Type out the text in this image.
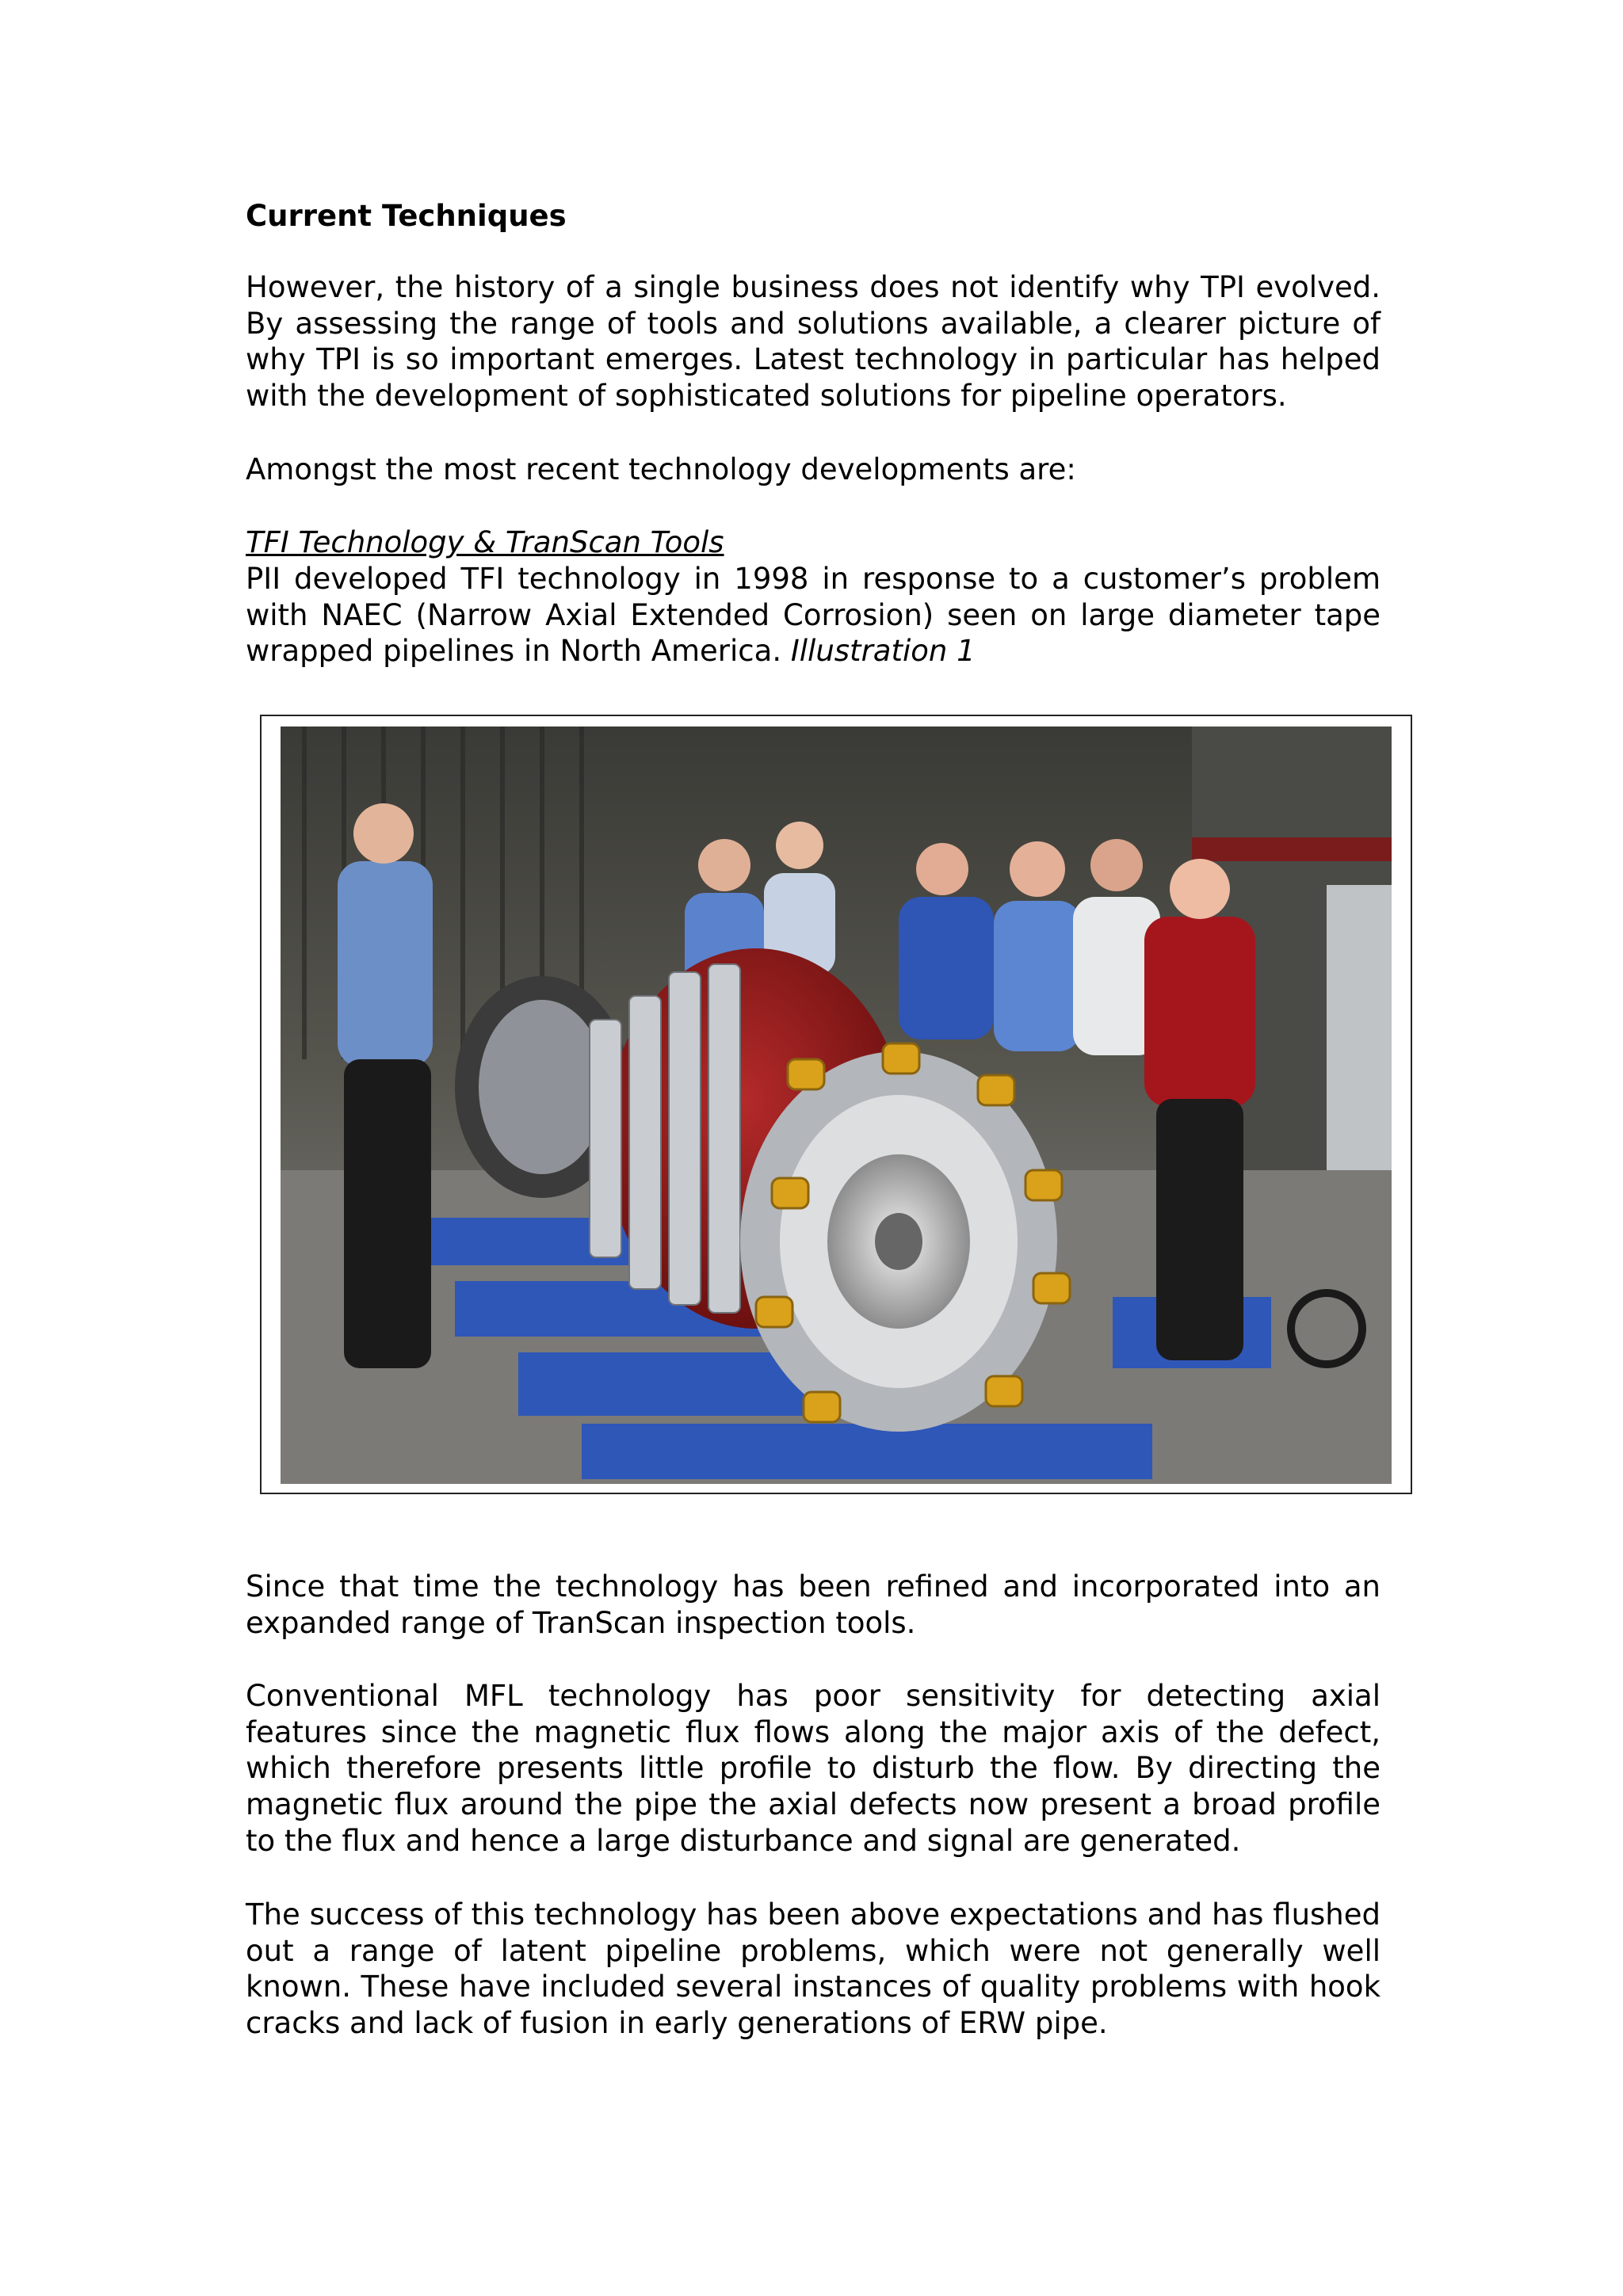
Current Techniques

However, the history of a single business does not identify why TPI evolved. By assessing the range of tools and solutions available, a clearer picture of why TPI is so important emerges. Latest technology in particular has helped with the development of sophisticated solutions for pipeline operators.

Amongst the most recent technology developments are:

TFI Technology & TranScan Tools

PII developed TFI technology in 1998 in response to a customer’s problem with NAEC (Narrow Axial Extended Corrosion) seen on large diameter tape wrapped pipelines in North America. Illustration 1

Since that time the technology has been refined and incorporated into an expanded range of TranScan inspection tools.

Conventional MFL technology has poor sensitivity for detecting axial features since the magnetic flux flows along the major axis of the defect, which therefore presents little profile to disturb the flow. By directing the magnetic flux around the pipe the axial defects now present a broad profile to the flux and hence a large disturbance and signal are generated.

The success of this technology has been above expectations and has flushed out a range of latent pipeline problems, which were not generally well known. These have included several instances of quality problems with hook cracks and lack of fusion in early generations of ERW pipe.
